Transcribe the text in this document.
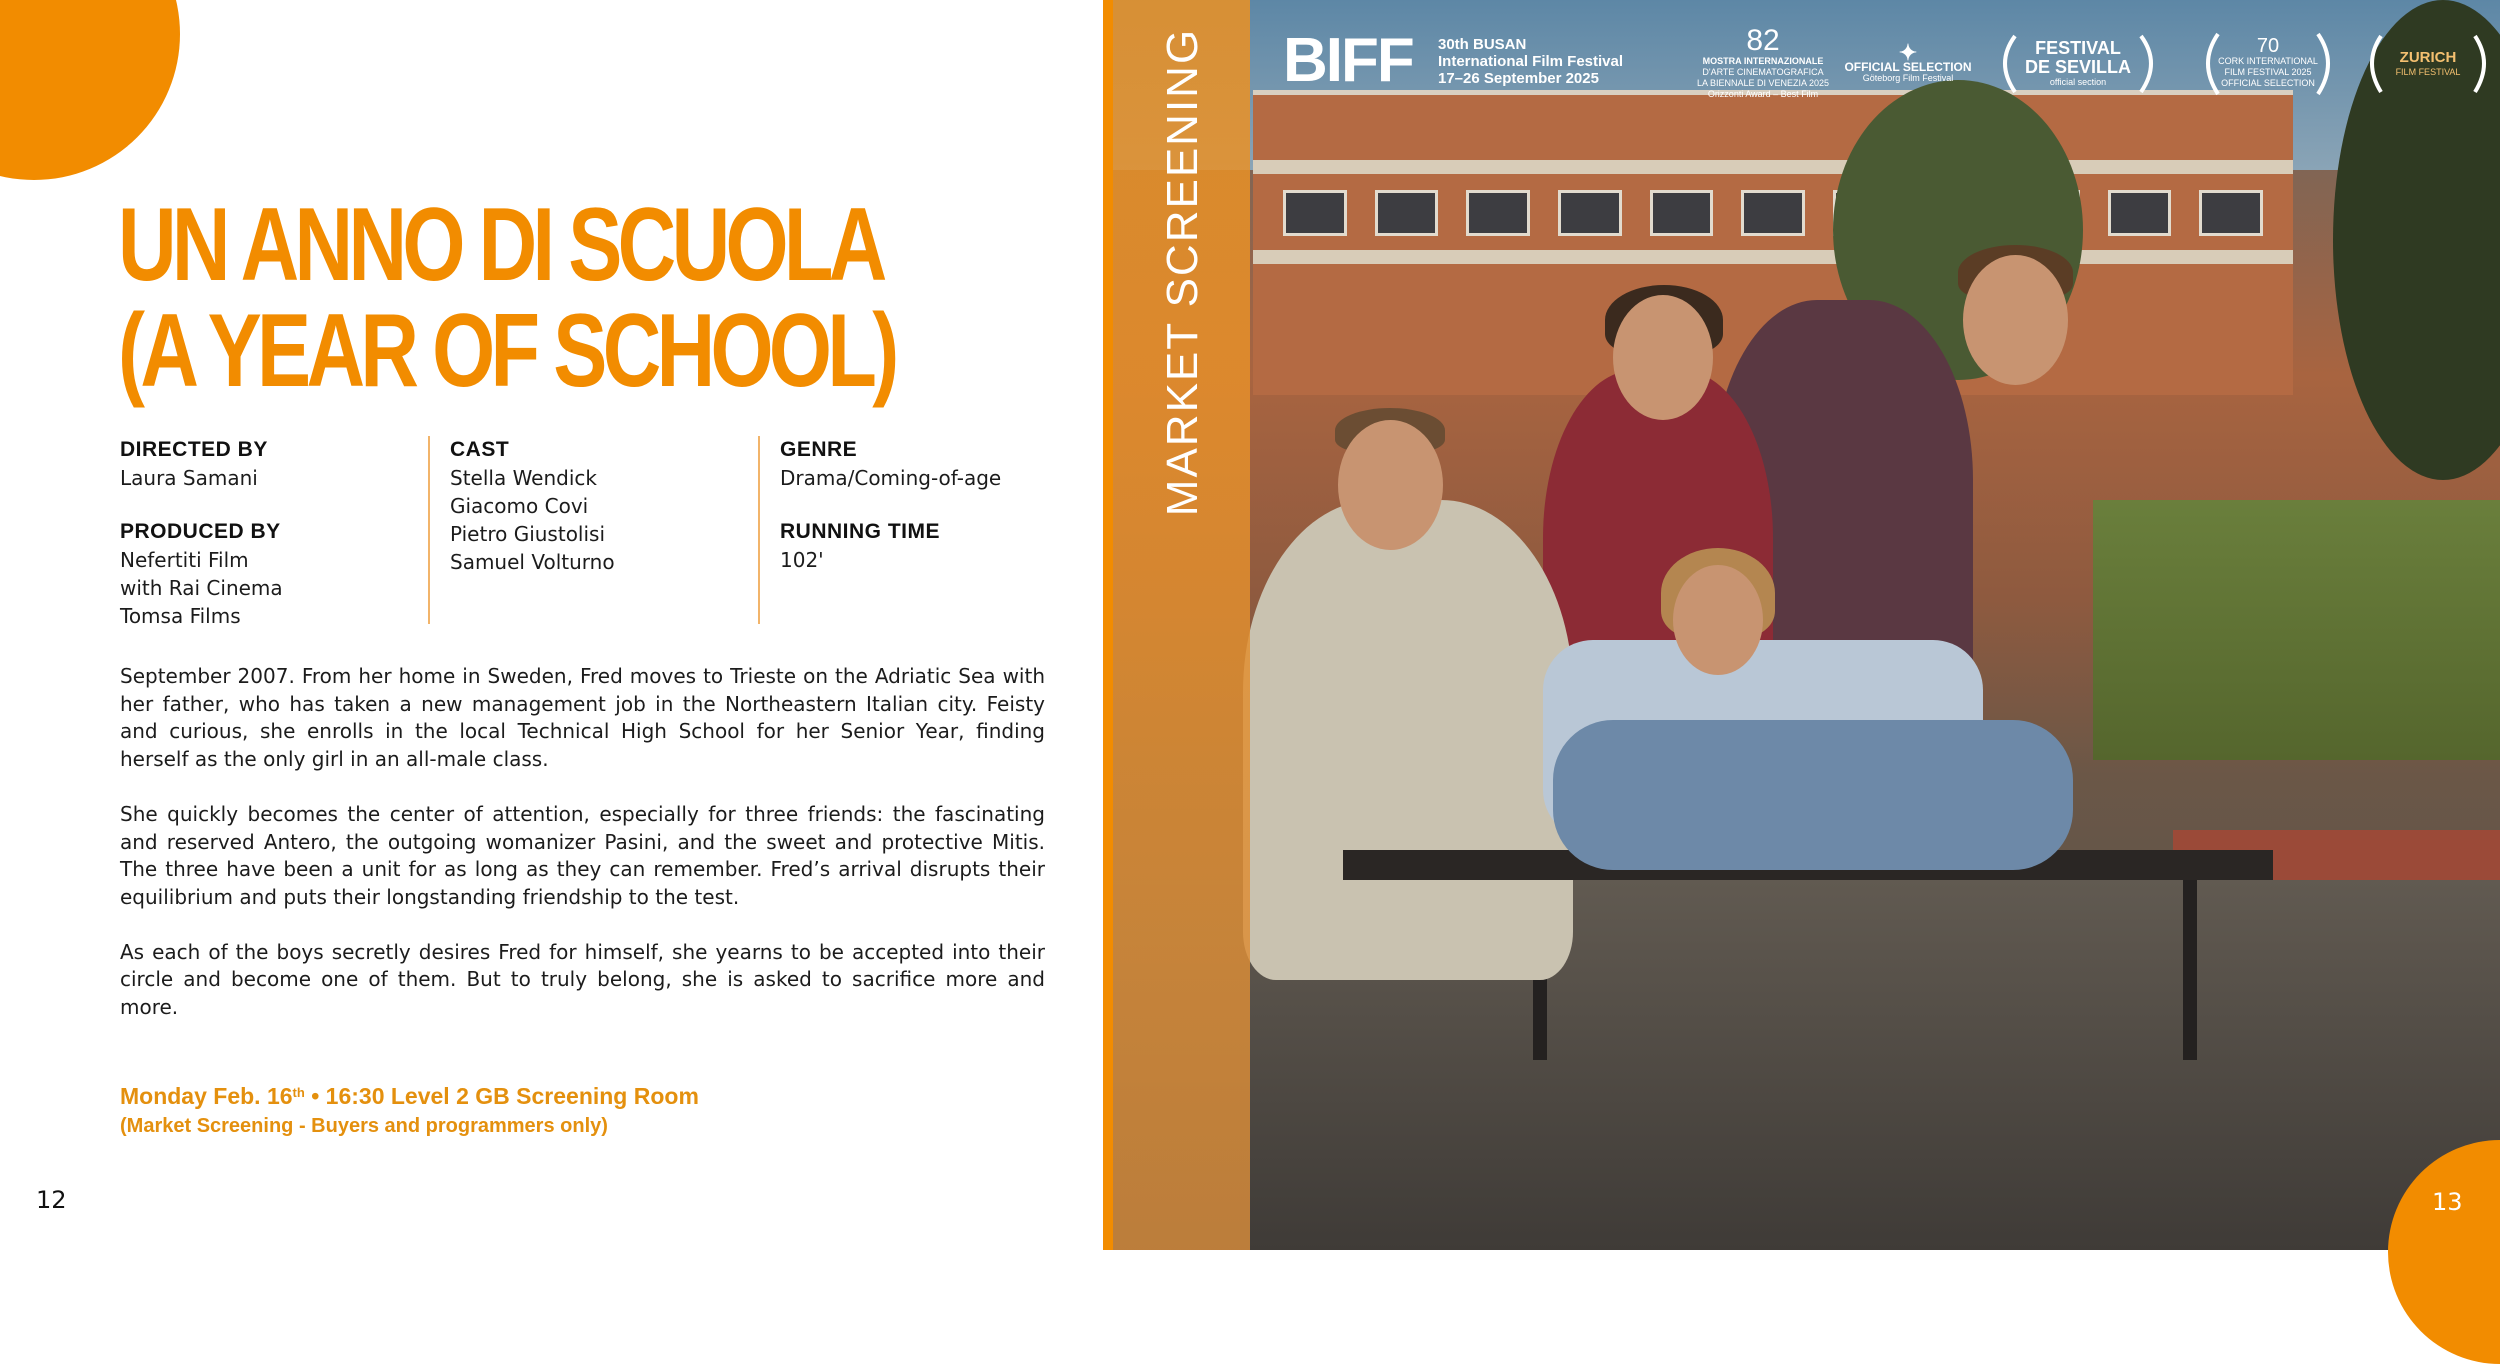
UN ANNO DI SCUOLA
(A YEAR OF SCHOOL)
DIRECTED BY
Laura Samani
PRODUCED BY
Nefertiti Film
with Rai Cinema
Tomsa Films
CAST
Stella Wendick
Giacomo Covi
Pietro Giustolisi
Samuel Volturno
GENRE
Drama/Coming-of-age
RUNNING TIME
102'

September 2007. From her home in Sweden, Fred moves to Trieste on the Adriatic Sea with her father, who has taken a new management job in the Northeastern Italian city. Feisty and curious, she enrolls in the local Technical High School for her Senior Year, finding herself as the only girl in an all-male class.

She quickly becomes the center of attention, especially for three friends: the fascinating and reserved Antero, the outgoing womanizer Pasini, and the sweet and protective Mitis. The three have been a unit for as long as they can remember. Fred’s arrival disrupts their equilibrium and puts their longstanding friendship to the test.

As each of the boys secretly desires Fred for himself, she yearns to be accepted into their circle and become one of them. But to truly belong, she is asked to sacrifice more and more.

Monday Feb. 16th • 16:30 Level 2 GB Screening Room
(Market Screening - Buyers and programmers only)
12
BIFF 30th BUSAN
International Film Festival
17–26 September 2025
82
MOSTRA INTERNAZIONALE
D'ARTE CINEMATOGRAFICA
LA BIENNALE DI VENEZIA 2025
Orizzonti Award – Best Film
✦
OFFICIAL SELECTION
Göteborg Film Festival
FESTIVAL
DE SEVILLA
official section
70
CORK INTERNATIONAL
FILM FESTIVAL 2025
OFFICIAL SELECTION
ZURICH
FILM FESTIVAL
MARKET SCREENING
13
